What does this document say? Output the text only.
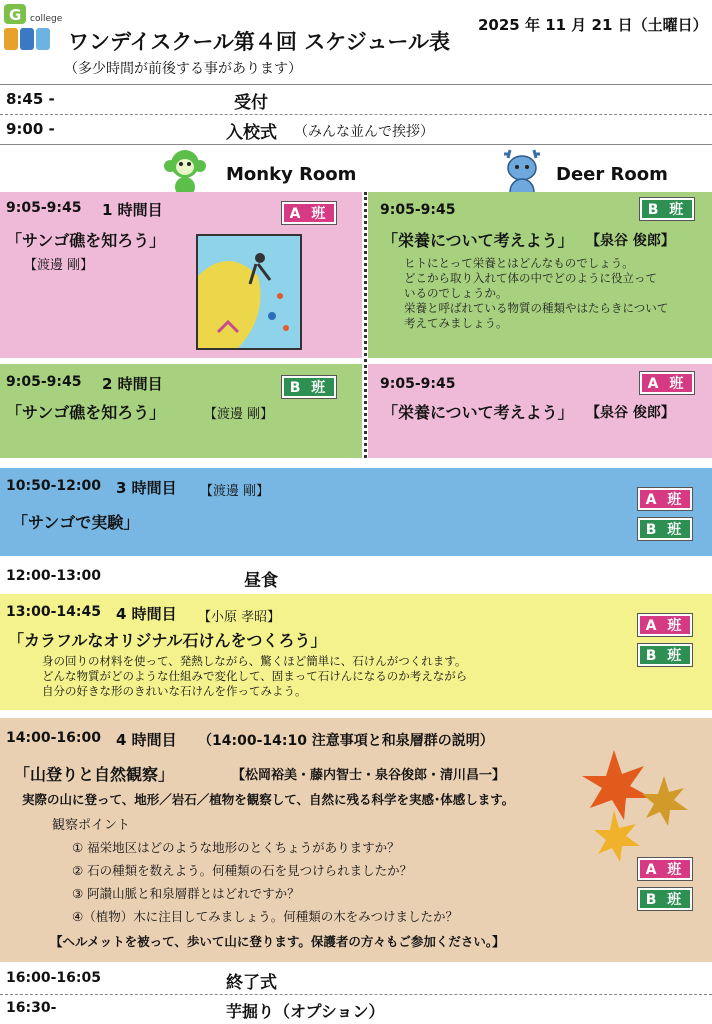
G college
ワンデイスクール第４回 スケジュール表
（多少時間が前後する事があります）
2025 年 11 月 21 日（土曜日）
8:45 -	受付
9:00 -	入校式 （みんな並んで挨拶）
Monky Room	Deer Room
9:05-9:45 1 時間目	A 班
「サンゴ礁を知ろう」
【渡邊 剛】
9:05-9:45	B 班
「栄養について考えよう」 【泉谷 俊郎】
ヒトにとって栄養とはどんなものでしょう。
どこから取り入れて体の中でどのように役立って
いるのでしょうか。
栄養と呼ばれている物質の種類やはたらきについて
考えてみましょう。
9:05-9:45 2 時間目	B 班
「サンゴ礁を知ろう」	【渡邊 剛】
9:05-9:45	A 班
「栄養について考えよう」 【泉谷 俊郎】
10:50-12:00 3 時間目 【渡邊 剛】
「サンゴで実験」
A 班
B 班
12:00-13:00	昼食
13:00-14:45 4 時間目 【小原 孝昭】
「カラフルなオリジナル石けんをつくろう」
身の回りの材料を使って、発熱しながら、驚くほど簡単に、石けんがつくれます。
どんな物質がどのような仕組みで変化して、固まって石けんになるのか考えながら
自分の好きな形のきれいな石けんを作ってみよう。
A 班
B 班
14:00-16:00 4 時間目 （14:00-14:10 注意事項と和泉層群の説明）
「山登りと自然観察」	【松岡裕美・藤内智士・泉谷俊郎・清川昌一】
実際の山に登って、地形／岩石／植物を観察して、自然に残る科学を実感･体感します。
観察ポイント
① 福栄地区はどのような地形のとくちょうがありますか？
② 石の種類を数えよう。何種類の石を見つけられましたか？
③ 阿讃山脈と和泉層群とはどれですか？
④（植物）木に注目してみましょう。何種類の木をみつけましたか？
【ヘルメットを被って、歩いて山に登ります。保護者の方々もご参加ください。】
A 班
B 班
16:00-16:05	終了式
16:30-	芋掘り（オプション）
